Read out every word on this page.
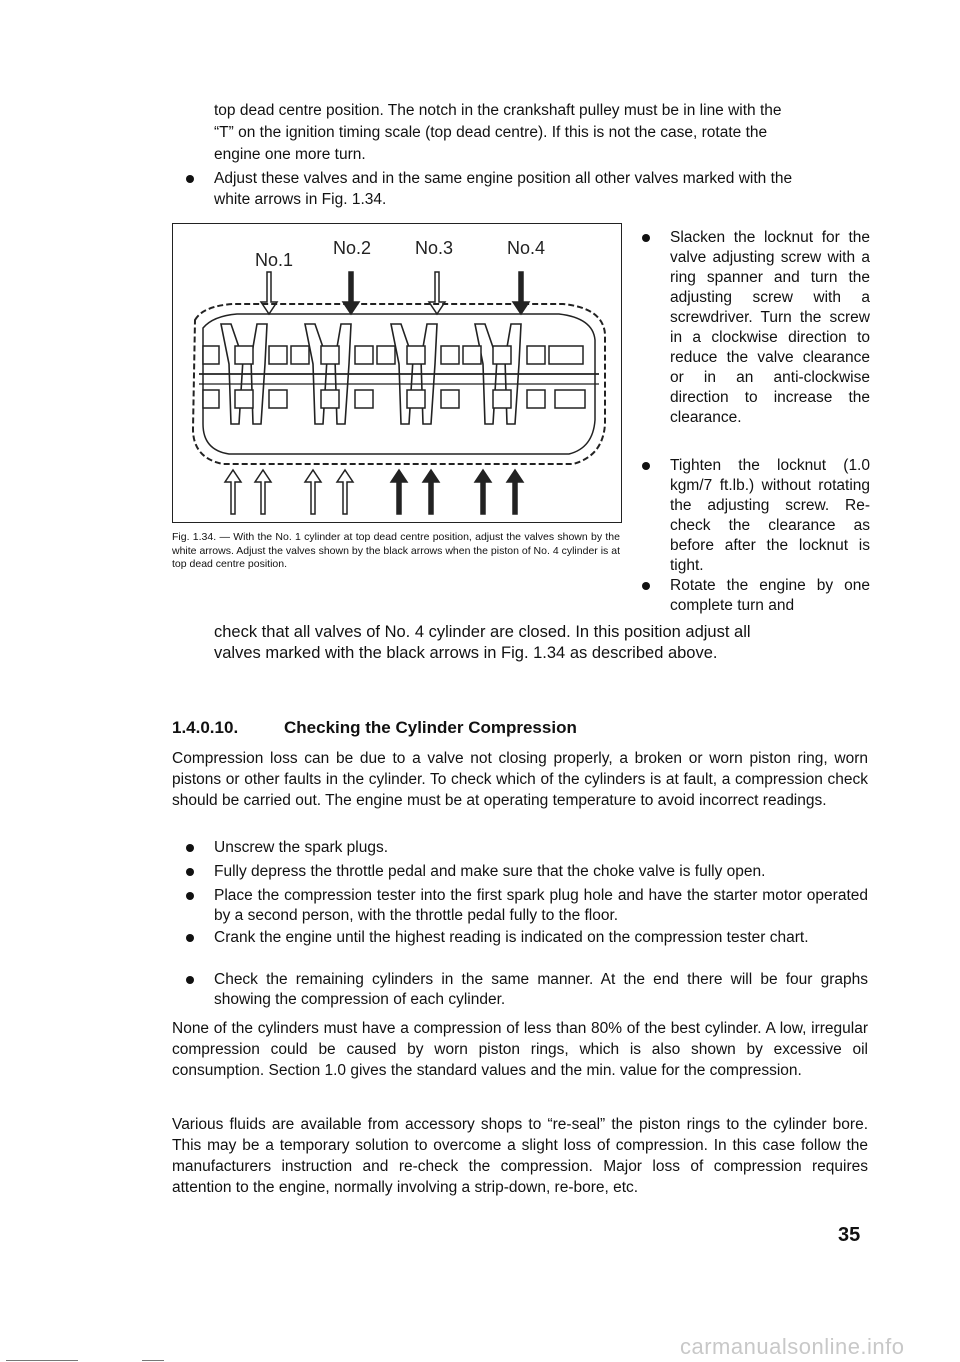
top dead centre position. The notch in the crankshaft pulley must be in line with the
“T” on the ignition timing scale (top dead centre). If this is not the case, rotate the
engine one more turn.
Adjust these valves and in the same engine position all other valves marked with the
white arrows in Fig. 1.34.
No.1
No.2 No.3	No.4
Fig. 1.34. — With the No. 1 cylinder at top dead centre position, adjust the valves shown by the white arrows. Adjust the valves shown by the black arrows when the piston of No. 4 cylinder is at top dead centre position.
Slacken the locknut for the valve adjusting screw with a ring spanner and turn the adjusting screw with a screwdriver. Turn the screw in a clockwise direction to reduce the valve clearance or in an anti-clockwise direction to increase the clearance.
Tighten the locknut (1.0 kgm/7 ft.lb.) without rotating the adjusting screw. Re-check the clearance as before after the locknut is tight.
Rotate the engine by one complete turn and
check that all valves of No. 4 cylinder are closed. In this position adjust all
valves marked with the black arrows in Fig. 1.34 as described above.
1.4.0.10.	Checking the Cylinder Compression
Compression loss can be due to a valve not closing properly, a broken or worn piston ring, worn pistons or other faults in the cylinder. To check which of the cylinders is at fault, a compression check should be carried out. The engine must be at operating temperature to avoid incorrect readings.
Unscrew the spark plugs.
Fully depress the throttle pedal and make sure that the choke valve is fully open.
Place the compression tester into the first spark plug hole and have the starter motor operated by a second person, with the throttle pedal fully to the floor.
Crank the engine until the highest reading is indicated on the compression tester chart.
Check the remaining cylinders in the same manner. At the end there will be four graphs showing the compression of each cylinder.
None of the cylinders must have a compression of less than 80% of the best cylinder. A low, irregular compression could be caused by worn piston rings, which is also shown by excessive oil consumption. Section 1.0 gives the standard values and the min. value for the compression.
Various fluids are available from accessory shops to “re-seal” the piston rings to the cylinder bore. This may be a temporary solution to overcome a slight loss of compression. In this case follow the manufacturers instruction and re-check the compression. Major loss of compression requires attention to the engine, normally involving a strip-down, re-bore, etc.
35
carmanualsonline.info
